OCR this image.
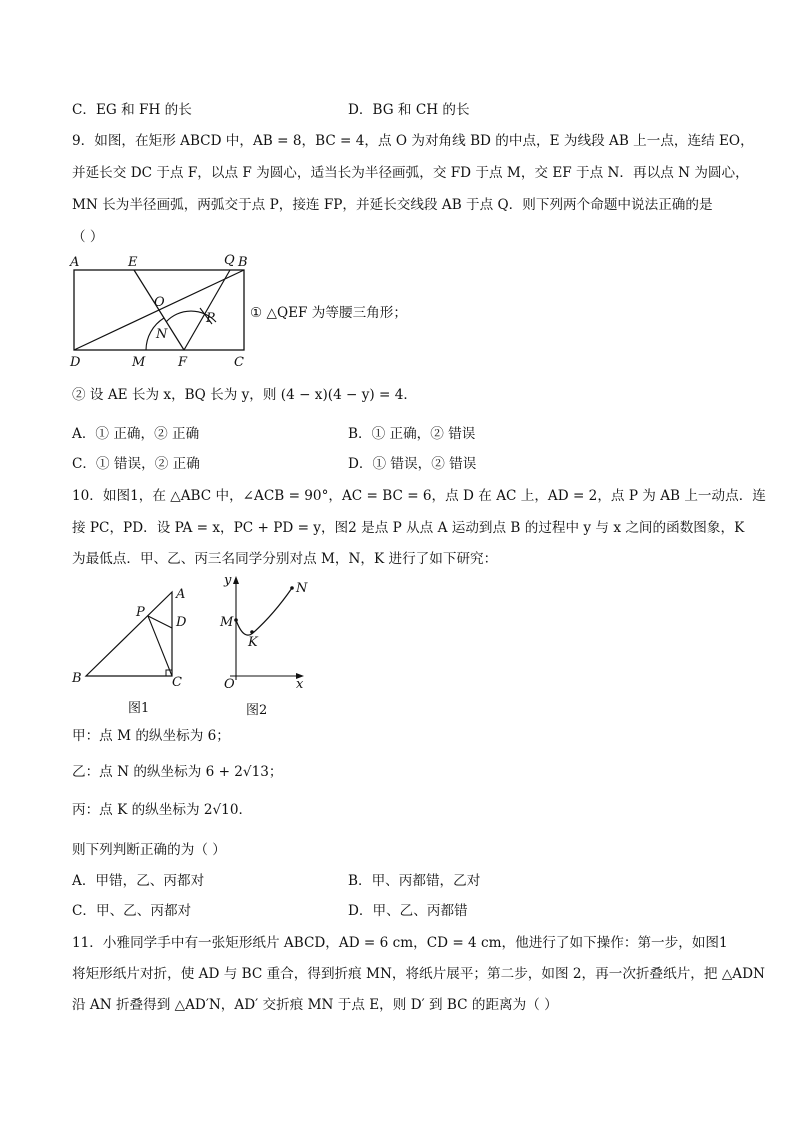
C．EG 和 FH 的长	D．BG 和 CH 的长
9．如图，在矩形 ABCD 中，AB = 8，BC = 4，点 O 为对角线 BD 的中点，E 为线段 AB 上一点，连结 EO，
并延长交 DC 于点 F，以点 F 为圆心，适当长为半径画弧，交 FD 于点 M，交 EF 于点 N．再以点 N 为圆心，
MN 长为半径画弧，两弧交于点 P，接连 FP，并延长交线段 AB 于点 Q．则下列两个命题中说法正确的是
（ ）
A	E	Q B
O
P
N
D	M	F	C
① △QEF 为等腰三角形；
② 设 AE 长为 x，BQ 长为 y，则 (4 − x)(4 − y) = 4．
A．① 正确，② 正确	B．① 正确，② 错误
C．① 错误，② 正确	D．① 错误，② 错误
10．如图1，在 △ABC 中，∠ACB = 90°，AC = BC = 6，点 D 在 AC 上，AD = 2，点 P 为 AB 上一动点．连
接 PC，PD．设 PA = x，PC + PD = y，图2 是点 P 从点 A 运动到点 B 的过程中 y 与 x 之间的函数图象，K
为最低点．甲、乙、丙三名同学分别对点 M，N，K 进行了如下研究：
P
A
D
B	C
图1
y
M
N
K
O	x
图2
甲：点 M 的纵坐标为 6；
乙：点 N 的纵坐标为 6 + 2√13；
丙：点 K 的纵坐标为 2√10．
则下列判断正确的为（ ）
A．甲错，乙、丙都对	B．甲、丙都错，乙对
C．甲、乙、丙都对	D．甲、乙、丙都错
11．小雅同学手中有一张矩形纸片 ABCD，AD = 6 cm，CD = 4 cm，他进行了如下操作：第一步，如图1
将矩形纸片对折，使 AD 与 BC 重合，得到折痕 MN，将纸片展平；第二步，如图 2，再一次折叠纸片，把 △ADN
沿 AN 折叠得到 △AD′N，AD′ 交折痕 MN 于点 E，则 D′ 到 BC 的距离为（ ）
